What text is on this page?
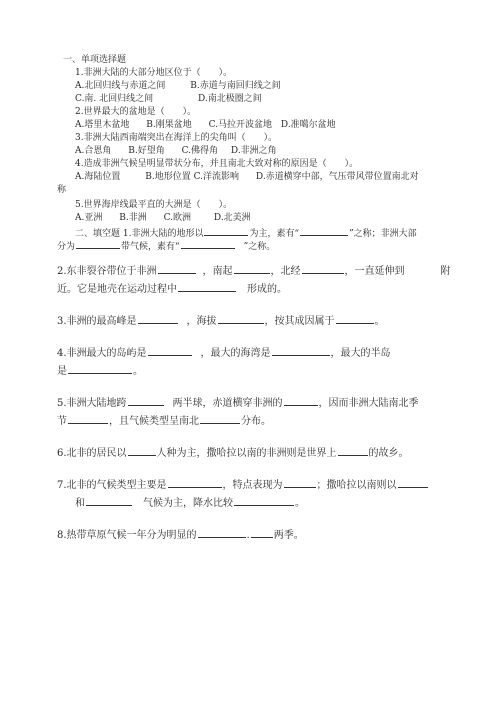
一、单项选择题
1.非洲大陆的大部分地区位于（　　）。
A.北回归线与赤道之间	B.赤道与南回归线之间
C.南. 北回归线之间	D.南北极圈之间
2.世界最大的盆地是（　　）。
A.塔里木盆地 B.刚果盆地 C.马拉开波盆地 D.准噶尔盆地
3.非洲大陆西南端突出在海洋上的尖角叫（　　）。
A.合恩角 B.好望角 C.佛得角 D.非洲之角
4.造成非洲气候呈明显带状分布，并且南北大致对称的原因是（　　）。
A.海陆位置	B.地形位置 C.洋流影响 D.赤道横穿中部，气压带风带位置南北对
称
5.世界海岸线最平直的大洲是（　　）。
A.亚洲 B.非洲 C.欧洲	D.北美洲
二、填空题 1.非洲大陆的地形以	为主，素有“	”之称；非洲大部
分为	带气候，素有“	”之称。
2.东非裂谷带位于非洲	，南起	，北经	，一直延伸到	附
近。它是地壳在运动过程中	形成的。
3.非洲的最高峰是	，海拔	，按其成因属于	。
4.非洲最大的岛屿是	，最大的海湾是	，最大的半岛
是	。
5.非洲大陆地跨	两半球，赤道横穿非洲的	，因而非洲大陆南北季
节	，且气候类型呈南北	分布。
6.北非的居民以	人种为主，撒哈拉以南的非洲则是世界上	的故乡。
7.北非的气候类型主要是	，特点表现为	；撒哈拉以南则以
和	气候为主，降水比较	。
8.热带草原气候一年分为明显的	. 两季。
